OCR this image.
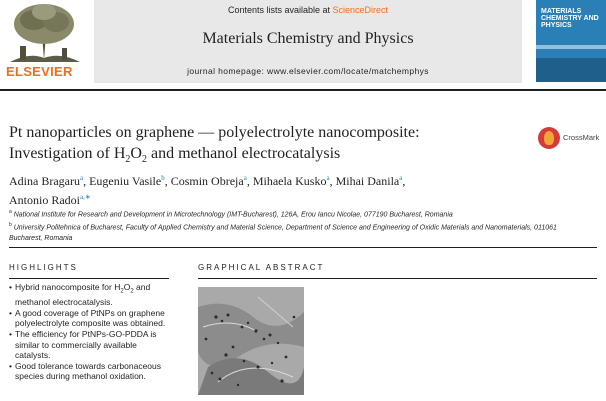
ELSEVIER
Contents lists available at ScienceDirect
Materials Chemistry and Physics
journal homepage: www.elsevier.com/locate/matchemphys
MATERIALS CHEMISTRY AND PHYSICS
Pt nanoparticles on graphene — polyelectrolyte nanocomposite:
Investigation of $H_2O_2$ and methanol electrocatalysis
CrossMark
Adina Bragaru$^a$, Eugeniu Vasile$^b$, Cosmin Obreja$^a$, Mihaela Kusko$^a$, Mihai Danila$^a$,
Antonio Radoi$^{a,∗}$
$^a$ National Institute for Research and Development in Microtechnology (IMT-Bucharest), 126A, Erou Iancu Nicolae, 077190 Bucharest, Romania
$^b$ University Politehnica of Bucharest, Faculty of Applied Chemistry and Material Science, Department of Science and Engineering of Oxidic Materials and Nanomaterials, 011061 Bucharest, Romania
HIGHLIGHTS
• Hybrid nanocomposite for $H_2O_2$ and methanol electrocatalysis.
• A good coverage of PtNPs on graphene polyelectrolyte composite was obtained.
• The efficiency for PtNPs-GO-PDDA is similar to commercially available catalysts.
• Good tolerance towards carbonaceous species during methanol oxidation.
GRAPHICAL ABSTRACT
